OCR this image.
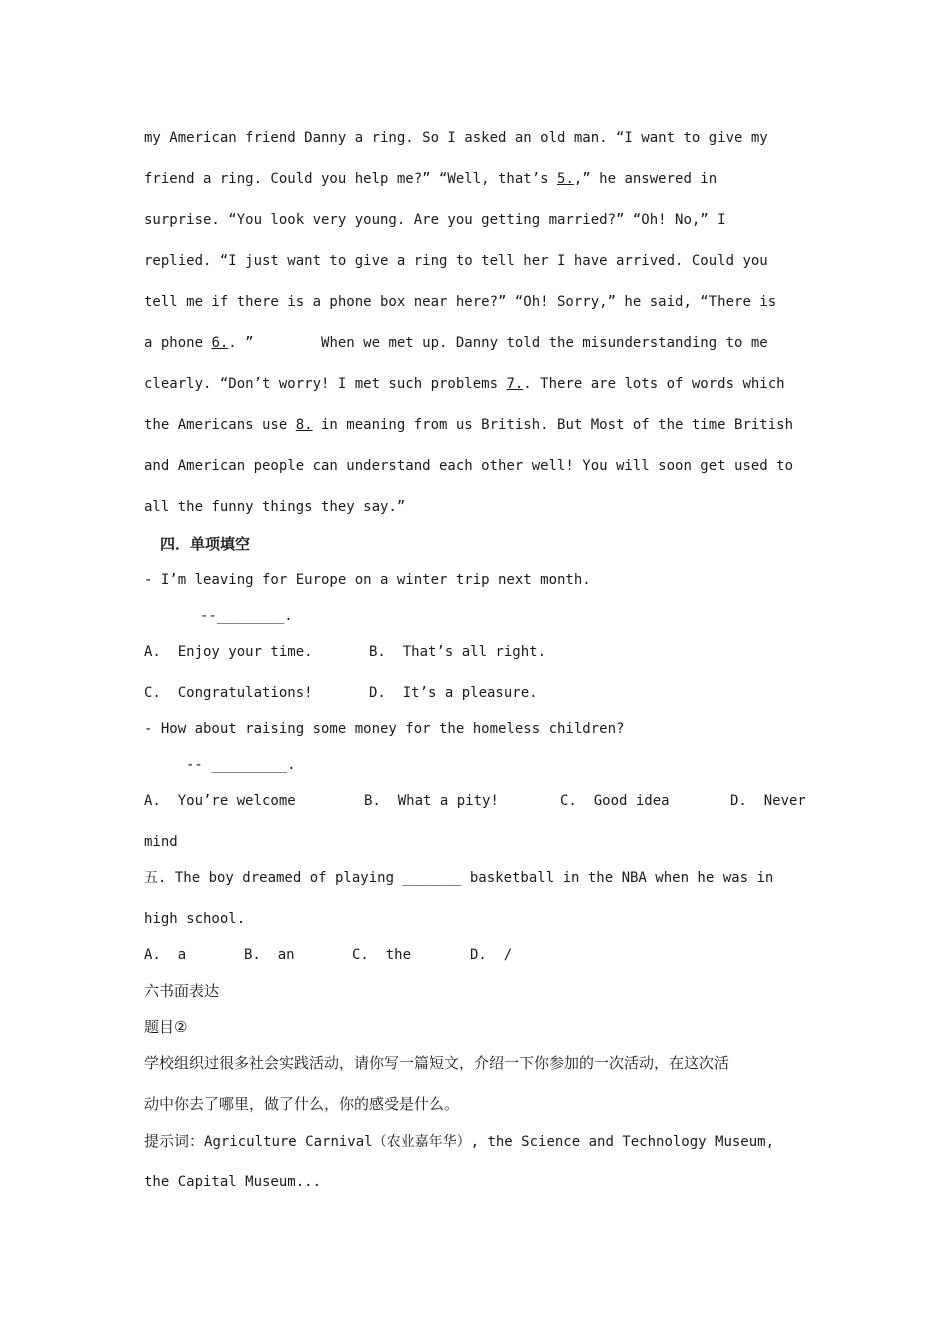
my American friend Danny a ring. So I asked an old man. “I want to give my
friend a ring. Could you help me?” “Well, that’s 5.,” he answered in
surprise. “You look very young. Are you getting married?” “Oh! No,” I
replied. “I just want to give a ring to tell her I have arrived. Could you
tell me if there is a phone box near here?” “Oh! Sorry,” he said, “There is
a phone 6.. ”        When we met up. Danny told the misunderstanding to me
clearly. “Don’t worry! I met such problems 7.. There are lots of words which
the Americans use 8. in meaning from us British. But Most of the time British
and American people can understand each other well! You will soon get used to
all the funny things they say.”
四．单项填空
- I’m leaving for Europe on a winter trip next month.
--________.
A.  Enjoy your time.	B.  That’s all right.
C.  Congratulations!	D.  It’s a pleasure.
- How about raising some money for the homeless children?
-- _________.
A.  You’re welcome	B.  What a pity!	C.  Good idea	D.  Never
mind
五. The boy dreamed of playing _______ basketball in the NBA when he was in
high school.
A.  a	B.  an	C.  the	D.  /
六书面表达
题目②
学校组织过很多社会实践活动，请你写一篇短文，介绍一下你参加的一次活动，在这次活
动中你去了哪里，做了什么，你的感受是什么。
提示词：Agriculture Carnival（农业嘉年华）, the Science and Technology Museum,
the Capital Museum...
